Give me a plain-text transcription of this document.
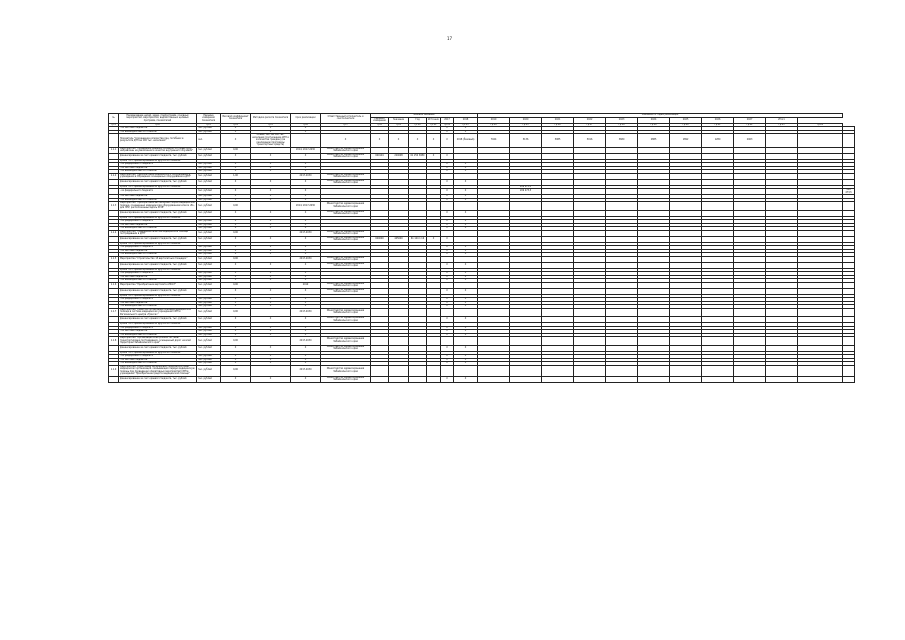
17
№	Наименование целей, задач, подпрограмм, основных мероприятий, мероприятий, ведомственных целевых программ, показателей	Единица измерения показателя	Весовой коэффициент показателя	Методика расчета показателя	Срок реализации	Ответственный исполнитель и соисполнители	Базовое значение						Значения по годам реализации											
							Единица измерения	Значение	Год	Источник	2017	2018	2019	2020	2021	2022	2023	2024	2025	2026	2027	Итого		
гр.1	гр.2	гр.3	гр.4	гр.5	гр.6	гр.7	гр.8	гр.9	гр.10	гр.11	гр.12	гр.13	гр.14	гр.15	гр.16	гр.17	гр.18	гр.19	гр.20	гр.21	гр.22	гр.23	гр.24	
	- из местных бюджетов	тыс. рублей	X	X	X						X	X												
	- из внебюджетных источников	тыс. рублей	X	X	X						X	X												
	Показатель "Сокращение количества лиц, погибших в результате ДТП на 100 тыс. населения"	чел.	X	Объем, чел. на 100 тыс. населения (соотношение ДТП и количества граждан) (на реализацию программы транспортных средств)		X	X	X	X	X	X	2018 (базовый)	7944	5136	5985	5016	3680	2885	1892	1280	2063			
1.1.1	Мероприятие "Проведение решения основной, которые будут направлены на увеличение и качество внутреннего обучения"	тыс. рублей	0,00		2014; 2017-2030	Министерство здравоохранения Забайкальского края																		
	финансирование за счет краевого бюджета, тыс. рублей	тыс. рублей	X	X	X	Министерство здравоохранения Забайкальского края	600104	220008	61 250 3080	X	X													
	кроме того, финансирование из других источников:																							
	- из федерального бюджета	тыс. рублей	X	X	X						X	X												
	- из местных бюджетов	тыс. рублей	X	X	X						X	X												
	- из внебюджетных источников	тыс. рублей	X	X	X						X	X												
1.1.2	Мероприятие "Приобретение медицинского оборудования в учреждения в Обращения оснащенных оборудования в ДТП"	тыс. рублей	1,00		2017-2030	Министерство здравоохранения Забайкальского края																		
	финансирование за счет краевого бюджета, тыс. рублей	тыс. рублей	X	X	X	Министерство здравоохранения Забайкальского края					X	X												
	кроме того, финансирование из других источников:													209 473,5										
	- из федерального бюджета	тыс. рублей	X	X	X						X	X		209 473,5										209 473,5
	- из местных бюджетов	тыс. рублей	X	X	X						X	X												
	- из внебюджетных источников	тыс. рублей	X	X	X						X	X												
1.1.3	Мероприятие "Приобретение автомобилей скорой медицинской помощи, оснащенных медицинским оборудованием класса «В», для ЛПУ, расположенных вдоль М-58"	тыс. рублей	0,00		2014; 2017-2030	Министерство здравоохранения Забайкальского края																		
	финансирование за счет краевого бюджета, тыс. рублей	тыс. рублей	X	X	X	Министерство здравоохранения Забайкальского края					X	X												
	кроме того, финансирование из других источников:																							
	- из федерального бюджета	тыс. рублей	X	X	X						X	X												
	- из местных бюджетов	тыс. рублей	X	X	X						X	X												
	- из внебюджетных источников	тыс. рублей	X	X	X						X	X												
1.1.4	Мероприятие "Повышение качества медицинской помощи пострадавшим в ДТП"	тыс. рублей	0,00		2017-2030	Министерство здравоохранения Забайкальского края																		
	финансирование за счет краевого бюджета, тыс. рублей	тыс. рублей	X	X	X	Министерство здравоохранения Забайкальского края	600000	445000	61 124 1 16	X	X													
	кроме того, финансирование из других источников:																							
	- из федерального бюджета	тыс. рублей	X	X	X						X	X												
	- из местных бюджетов	тыс. рублей	X	X	X						X	X												
	- из внебюджетных источников	тыс. рублей	X	X	X						X	X												
1.1.5	Мероприятие "Строительство 15 вертолетных площадок"	тыс. рублей	0,00		2017-2030	Министерство здравоохранения Забайкальского края																		
	финансирование за счет краевого бюджета, тыс. рублей	тыс. рублей	X	X	X	Министерство здравоохранения Забайкальского края					X	X												
	кроме того, финансирование из других источников:																							
	- из федерального бюджета	тыс. рублей	X	X	X						X	X												
	- из местных бюджетов	тыс. рублей	X	X	X						X	X												
	- из внебюджетных источников	тыс. рублей	X	X	X						X	X												
1.1.6	Мероприятие "Приобретение вертолета АНСАТ"	тыс. рублей	0,00		2019	Министерство здравоохранения Забайкальского края																		
	финансирование за счет краевого бюджета, тыс. рублей	тыс. рублей	X	X	X	Министерство здравоохранения Забайкальского края					X	X												
	кроме того, финансирование из других источников:																							
	- из федерального бюджета	тыс. рублей	X	X	X						X	X												
	- из местных бюджетов	тыс. рублей	X	X	X						X	X												
	- из внебюджетных источников	тыс. рублей	X	X	X						X	X												
1.1.7	Мероприятие "Развитие организации оказания медицинской помощи в системе медицинских учреждений СМП и Регионального центра «Трасса»"	тыс. рублей	0,00		2017-2030	Министерство здравоохранения Забайкальского края																		
	финансирование за счет краевого бюджета, тыс. рублей	тыс. рублей	X	X	X	Министерство здравоохранения Забайкальского края					X	X												
	кроме того, финансирование из других источников:																							
	- из федерального бюджета	тыс. рублей	X	X	X						X	X												
	- из местных бюджетов	тыс. рублей	X	X	X						X	X												
	- из внебюджетных источников	тыс. рублей	X	X	X						X	X												
1.1.8	Мероприятие "Организация электронной системы транспортировки пострадавших, оснащенный дорог на всей территории Забайкальского края"	тыс. рублей	0,00		2017-2030	Министерство здравоохранения Забайкальского края																		
	финансирование за счет краевого бюджета, тыс. рублей	тыс. рублей	X	X	X	Министерство здравоохранения Забайкальского края					X	X												
	кроме того, финансирование из других источников:																							
	- из федерального бюджета	тыс. рублей	X	X	X						X	X												
	- из местных бюджетов	тыс. рублей	X	X	X						X	X												
	- из внебюджетных источников	тыс. рублей	X	X	X						X	X												
1.1.9	Мероприятие "Укрепление материально-технической базы медицинских организаций, оказывающих первую медицинскую помощь при проведении оперативных мероприятий СМП в учреждения" Приобретение средств медицинской помощи"	тыс. рублей	0,00		2017-2030	Министерство здравоохранения Забайкальского края																		
	финансирование за счет краевого бюджета, тыс. рублей	тыс. рублей	X	X	X	Министерство здравоохранения Забайкальского края					X	X												
